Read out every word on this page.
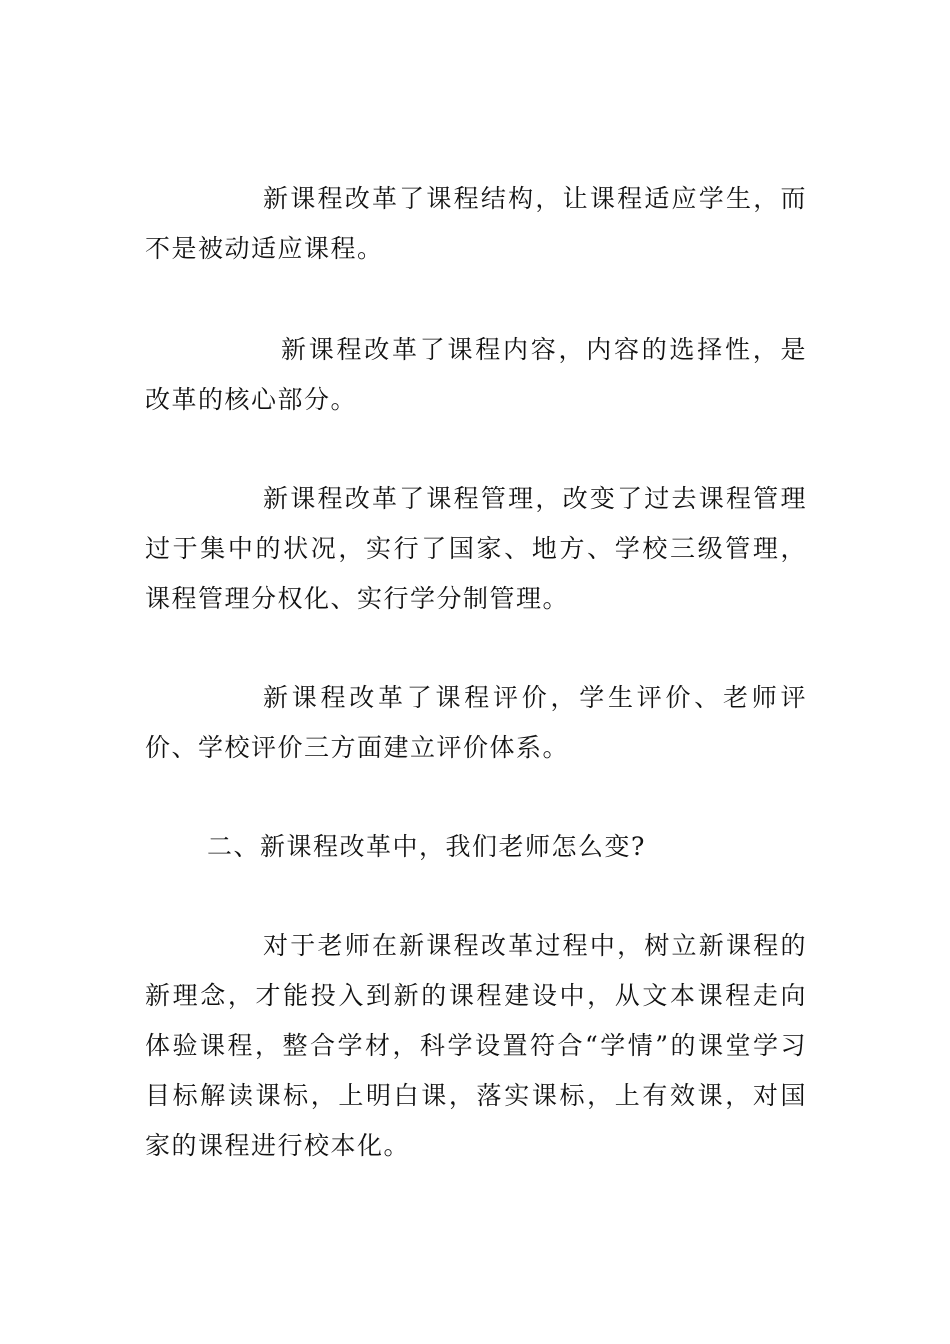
新课程改革了课程结构，让课程适应学生，而不是被动适应课程。

新课程改革了课程内容，内容的选择性，是改革的核心部分。

新课程改革了课程管理，改变了过去课程管理过于集中的状况，实行了国家、地方、学校三级管理，课程管理分权化、实行学分制管理。

新课程改革了课程评价，学生评价、老师评价、学校评价三方面建立评价体系。

二、新课程改革中，我们老师怎么变?

对于老师在新课程改革过程中，树立新课程的新理念，才能投入到新的课程建设中，从文本课程走向体验课程，整合学材，科学设置符合“学情”的课堂学习目标解读课标，上明白课，落实课标，上有效课，对国家的课程进行校本化。
